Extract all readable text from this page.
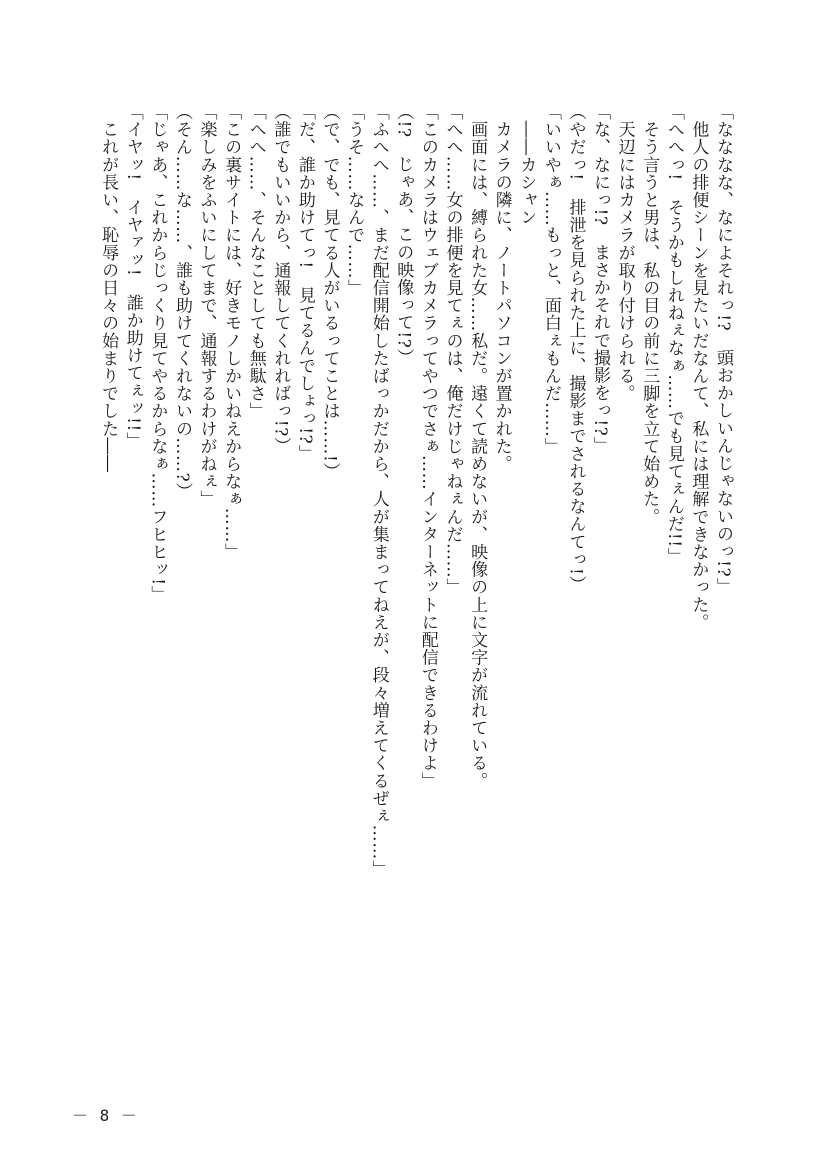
「なななな、なによそれっ!?　頭おかしいんじゃないのっ!?」
　他人の排便シーンを見たいだなんて、私には理解できなかった。
「へへっ!　そうかもしれねぇなぁ……でも見てぇんだ!!」
　そう言うと男は、私の目の前に三脚を立て始めた。
　天辺にはカメラが取り付けられる。
「な、なにっ!?　まさかそれで撮影をっ!?」
（やだっ!　排泄を見られた上に、撮影までされるなんてっ!）
「いいやぁ……もっと、面白ぇもんだ……」
　――カシャン
　カメラの隣に、ノートパソコンが置かれた。
　画面には、縛られた女……私だ。遠くて読めないが、映像の上に文字が流れている。
「へへ……女の排便を見てぇのは、俺だけじゃねぇんだ……」
「このカメラはウェブカメラってやつでさぁ……インターネットに配信できるわけよ」
（!?　じゃあ、この映像って!?）
「ふへへ……、まだ配信開始したばっかだから、人が集まってねえが、段々増えてくるぜぇ……」
「うそ……なんで……」
（で、でも、見てる人がいるってことは……!）
「だ、誰か助けてっ!　見てるんでしょっ!?」
（誰でもいいから、通報してくれればっ!?）
「へへ……、そんなことしても無駄さ」
「この裏サイトには、好きモノしかいねえからなぁ……」
「楽しみをふいにしてまで、通報するわけがねぇ」
（そん……な……、誰も助けてくれないの……?）
「じゃあ、これからじっくり見てやるからなぁ……フヒヒッ!」
「イヤッ!　イヤァッ!　誰か助けてぇッ!!」
　これが長い、恥辱の日々の始まりでした――
－ 8 －
